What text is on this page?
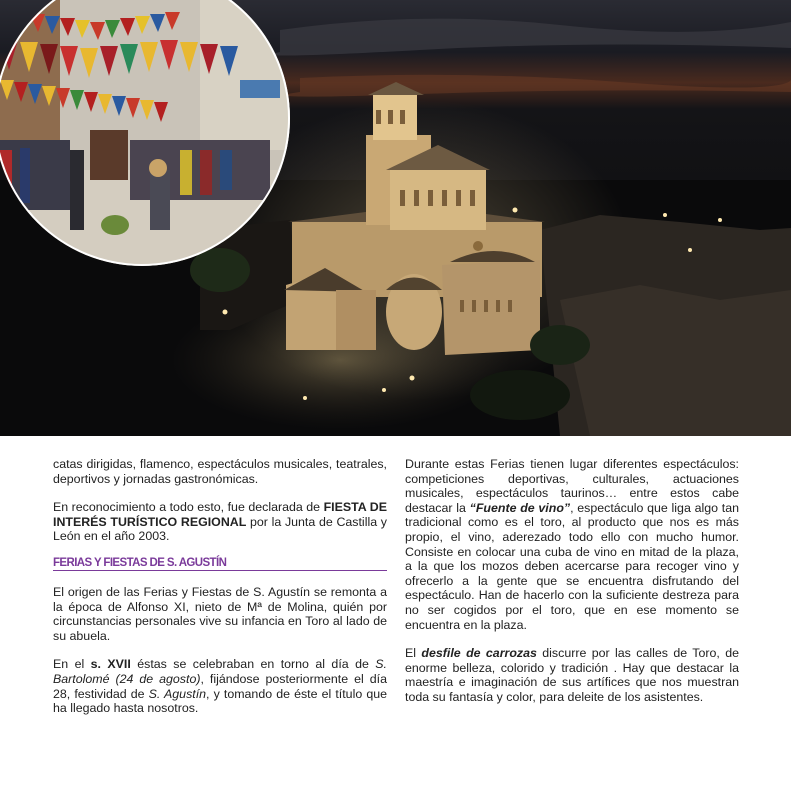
catas dirigidas, flamenco, espectáculos musicales, teatrales, deportivos y jornadas gastronómicas.

En reconocimiento a todo esto, fue declarada de FIESTA DE INTERÉS TURÍSTICO REGIONAL por la Junta de Castilla y León en el año 2003.

FERIAS Y FIESTAS DE S. AGUSTÍN

El origen de las Ferias y Fiestas de S. Agustín se remonta a la época de Alfonso XI, nieto de Mª de Molina, quién por circunstancias personales vive su infancia en Toro al lado de su abuela.

En el s. XVII éstas se celebraban en torno al día de S. Bartolomé (24 de agosto), fijándose posteriormente el día 28, festividad de S. Agustín, y tomando de éste el título que ha llegado hasta nosotros.

Durante estas Ferias tienen lugar diferentes espectáculos: competiciones deportivas, culturales, actuaciones musicales, espectáculos taurinos… entre estos cabe destacar la “Fuente de vino”, espectáculo que liga algo tan tradicional como es el toro, al producto que nos es más propio, el vino, aderezado todo ello con mucho humor. Consiste en colocar una cuba de vino en mitad de la plaza, a la que los mozos deben acercarse para recoger vino y ofrecerlo a la gente que se encuentra disfrutando del espectáculo. Han de hacerlo con la suficiente destreza para no ser cogidos por el toro, que en ese momento se encuentra en la plaza.

El desfile de carrozas discurre por las calles de Toro, de enorme belleza, colorido y tradición . Hay que destacar la maestría e imaginación de sus artífices que nos muestran toda su fantasía y color, para deleite de los asistentes.
